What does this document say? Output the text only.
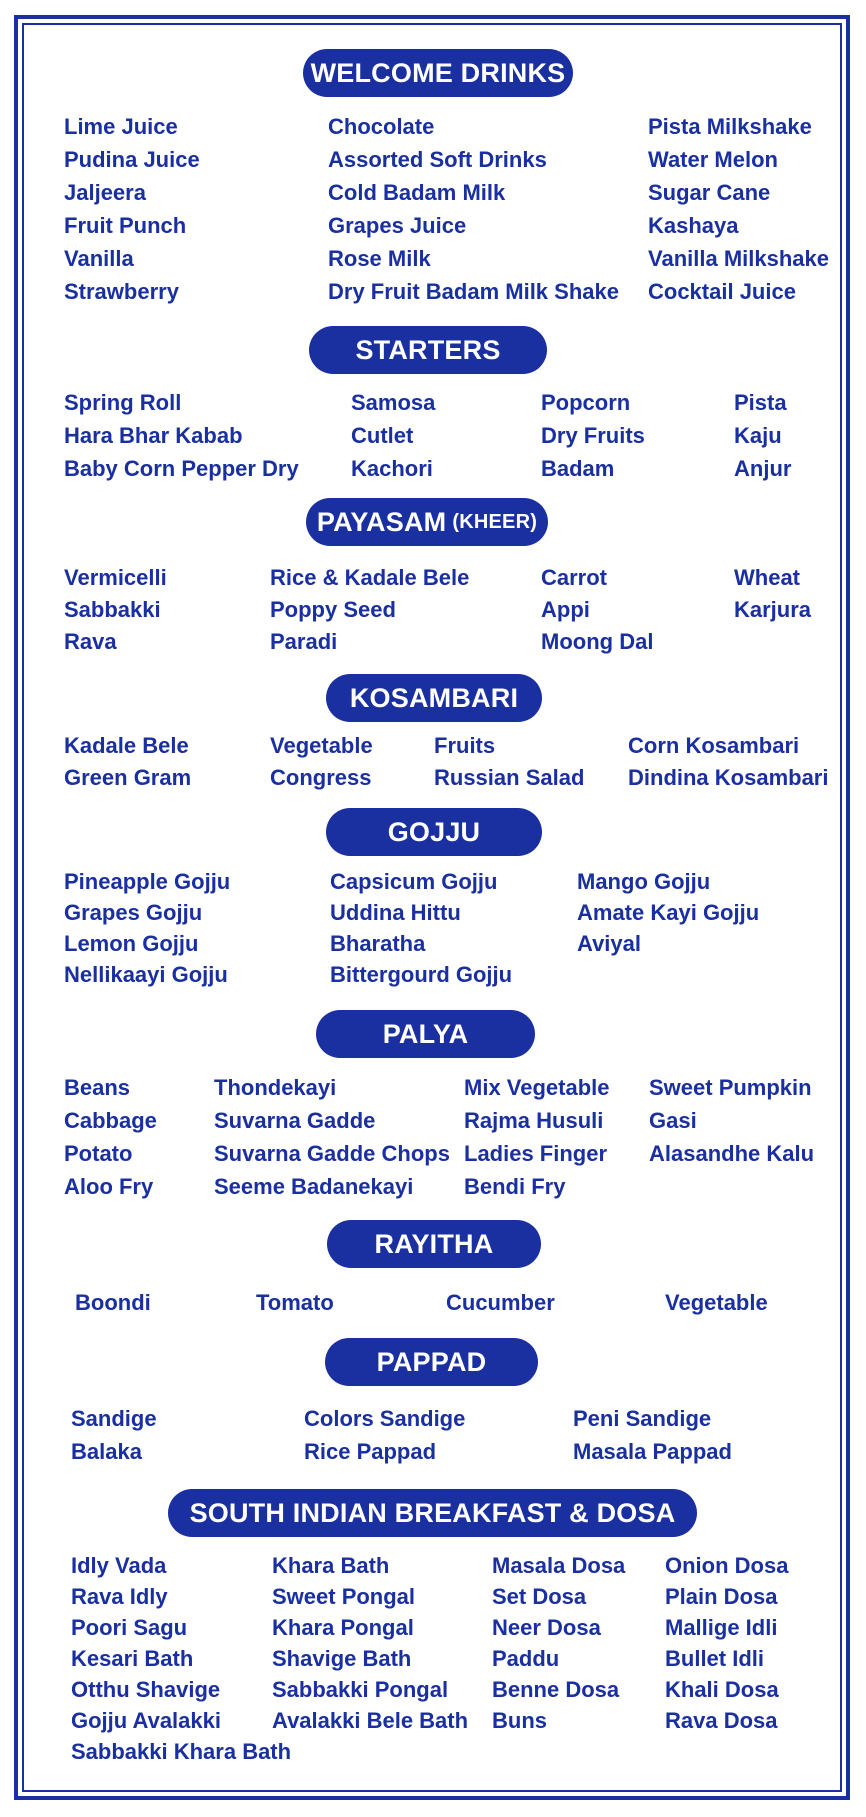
WELCOME DRINKS
Lime Juice
Pudina Juice
Jaljeera
Fruit Punch
Vanilla
Strawberry
Chocolate
Assorted Soft Drinks
Cold Badam Milk
Grapes Juice
Rose Milk
Dry Fruit Badam Milk Shake
Pista Milkshake
Water Melon
Sugar Cane
Kashaya
Vanilla Milkshake
Cocktail Juice
STARTERS
Spring Roll
Hara Bhar Kabab
Baby Corn Pepper Dry
Samosa
Cutlet
Kachori
Popcorn
Dry Fruits
Badam
Pista
Kaju
Anjur
PAYASAM (KHEER)
Vermicelli
Sabbakki
Rava
Rice & Kadale Bele
Poppy Seed
Paradi
Carrot
Appi
Moong Dal
Wheat
Karjura
KOSAMBARI
Kadale Bele
Green Gram
Vegetable
Congress
Fruits
Russian Salad
Corn Kosambari
Dindina Kosambari
GOJJU
Pineapple Gojju
Grapes Gojju
Lemon Gojju
Nellikaayi Gojju
Capsicum Gojju
Uddina Hittu
Bharatha
Bittergourd Gojju
Mango Gojju
Amate Kayi Gojju
Aviyal
PALYA
Beans
Cabbage
Potato
Aloo Fry
Thondekayi
Suvarna Gadde
Suvarna Gadde Chops
Seeme Badanekayi
Mix Vegetable
Rajma Husuli
Ladies Finger
Bendi Fry
Sweet Pumpkin
Gasi
Alasandhe Kalu
RAYITHA
Boondi	Tomato	Cucumber	Vegetable
PAPPAD
Sandige
Balaka
Colors Sandige
Rice Pappad
Peni Sandige
Masala Pappad
SOUTH INDIAN BREAKFAST & DOSA
Idly Vada
Rava Idly
Poori Sagu
Kesari Bath
Otthu Shavige
Gojju Avalakki
Sabbakki Khara Bath
Khara Bath
Sweet Pongal
Khara Pongal
Shavige Bath
Sabbakki Pongal
Avalakki Bele Bath
Masala Dosa
Set Dosa
Neer Dosa
Paddu
Benne Dosa
Buns
Onion Dosa
Plain Dosa
Mallige Idli
Bullet Idli
Khali Dosa
Rava Dosa
